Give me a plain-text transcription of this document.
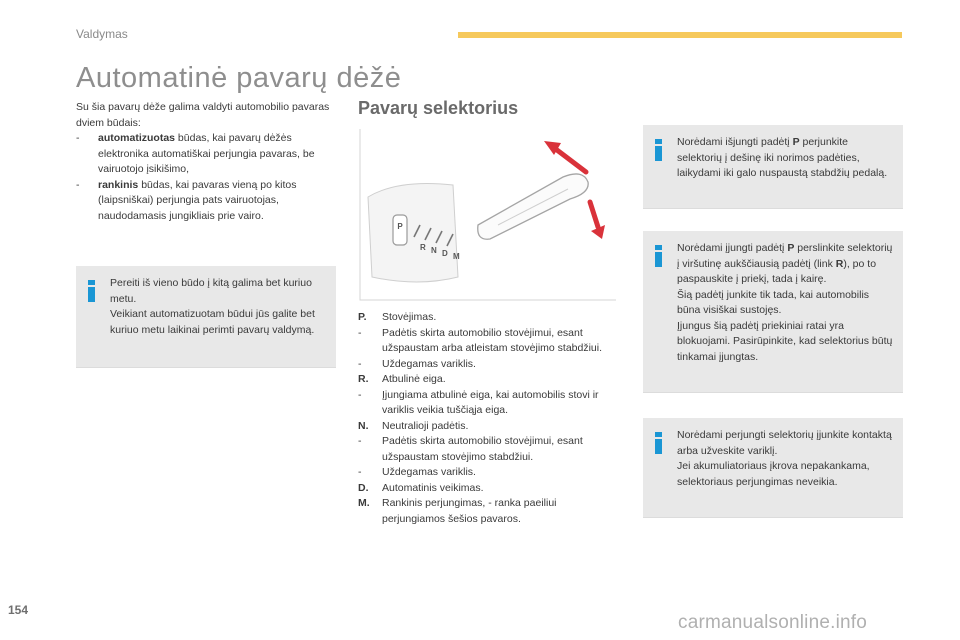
Valdymas
Automatinė pavarų dėžė

Su šia pavarų dėže galima valdyti automobilio pavaras dviem būdais:

-	automatizuotas būdas, kai pavarų dėžės elektronika automatiškai perjungia pavaras, be vairuotojo įsikišimo,
-	rankinis būdas, kai pavaras vieną po kitos (laipsniškai) perjungia pats vairuotojas, naudodamasis jungikliais prie vairo.
Pereiti iš vieno būdo į kitą galima bet kuriuo metu.
Veikiant automatizuotam būdui jūs galite bet kuriuo metu laikinai perimti pavarų valdymą.
Pavarų selektorius
P
R N D M
P.	Stovėjimas.
-	Padėtis skirta automobilio stovėjimui, esant užspaustam arba atleistam stovėjimo stabdžiui.
-	Uždegamas variklis.
R.	Atbulinė eiga.
-	Įjungiama atbulinė eiga, kai automobilis stovi ir variklis veikia tuščiąja eiga.
N.	Neutralioji padėtis.
-	Padėtis skirta automobilio stovėjimui, esant užspaustam stovėjimo stabdžiui.
-	Uždegamas variklis.
D.	Automatinis veikimas.
M.	Rankinis perjungimas, - ranka paeiliui perjungiamos šešios pavaros.
Norėdami išjungti padėtį P perjunkite selektorių į dešinę iki norimos padėties, laikydami iki galo nuspaustą stabdžių pedalą.
Norėdami įjungti padėtį P perslinkite selektorių į viršutinę aukščiausią padėtį (link R), po to paspauskite į priekį, tada į kairę.
Šią padėtį junkite tik tada, kai automobilis būna visiškai sustojęs.
Įjungus šią padėtį priekiniai ratai yra blokuojami. Pasirūpinkite, kad selektorius būtų tinkamai įjungtas.
Norėdami perjungti selektorių įjunkite kontaktą arba užveskite variklį.
Jei akumuliatoriaus įkrova nepakankama, selektoriaus perjungimas neveikia.
154
carmanualsonline.info
